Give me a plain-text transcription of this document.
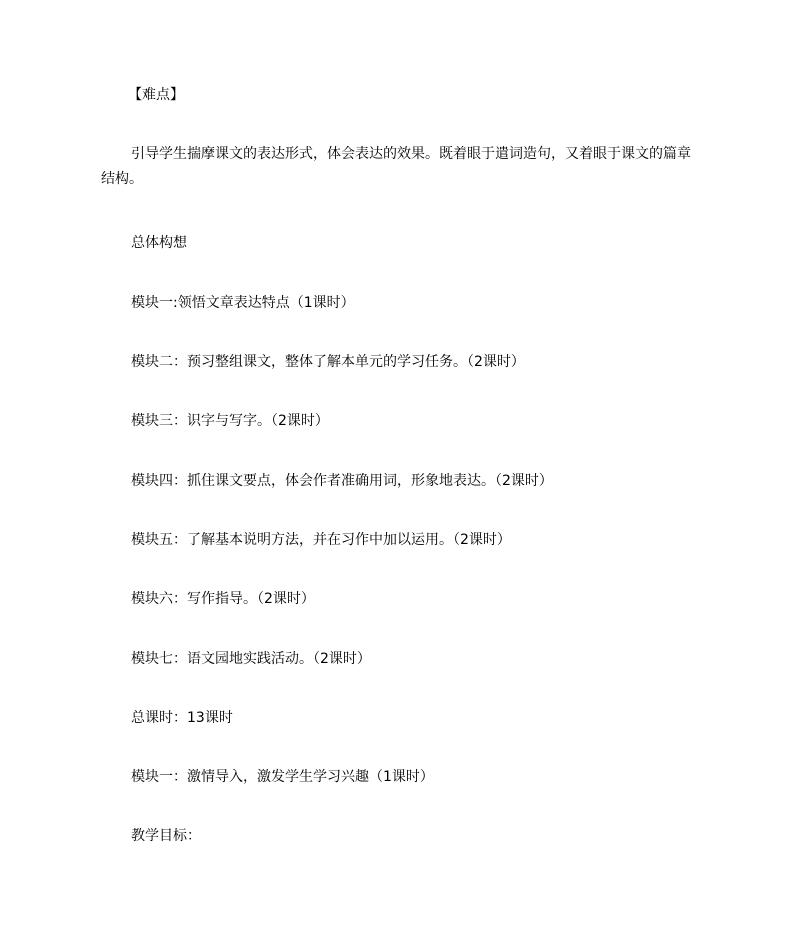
【难点】
引导学生揣摩课文的表达形式，体会表达的效果。既着眼于遣词造句，又着眼于课文的篇章结构。
总体构想
模块一:领悟文章表达特点（1课时）
模块二：预习整组课文，整体了解本单元的学习任务。（2课时）
模块三：识字与写字。（2课时）
模块四：抓住课文要点，体会作者准确用词，形象地表达。（2课时）
模块五：了解基本说明方法，并在习作中加以运用。（2课时）
模块六：写作指导。（2课时）
模块七：语文园地实践活动。（2课时）
总课时：13课时
模块一：激情导入，激发学生学习兴趣（1课时）
教学目标：
